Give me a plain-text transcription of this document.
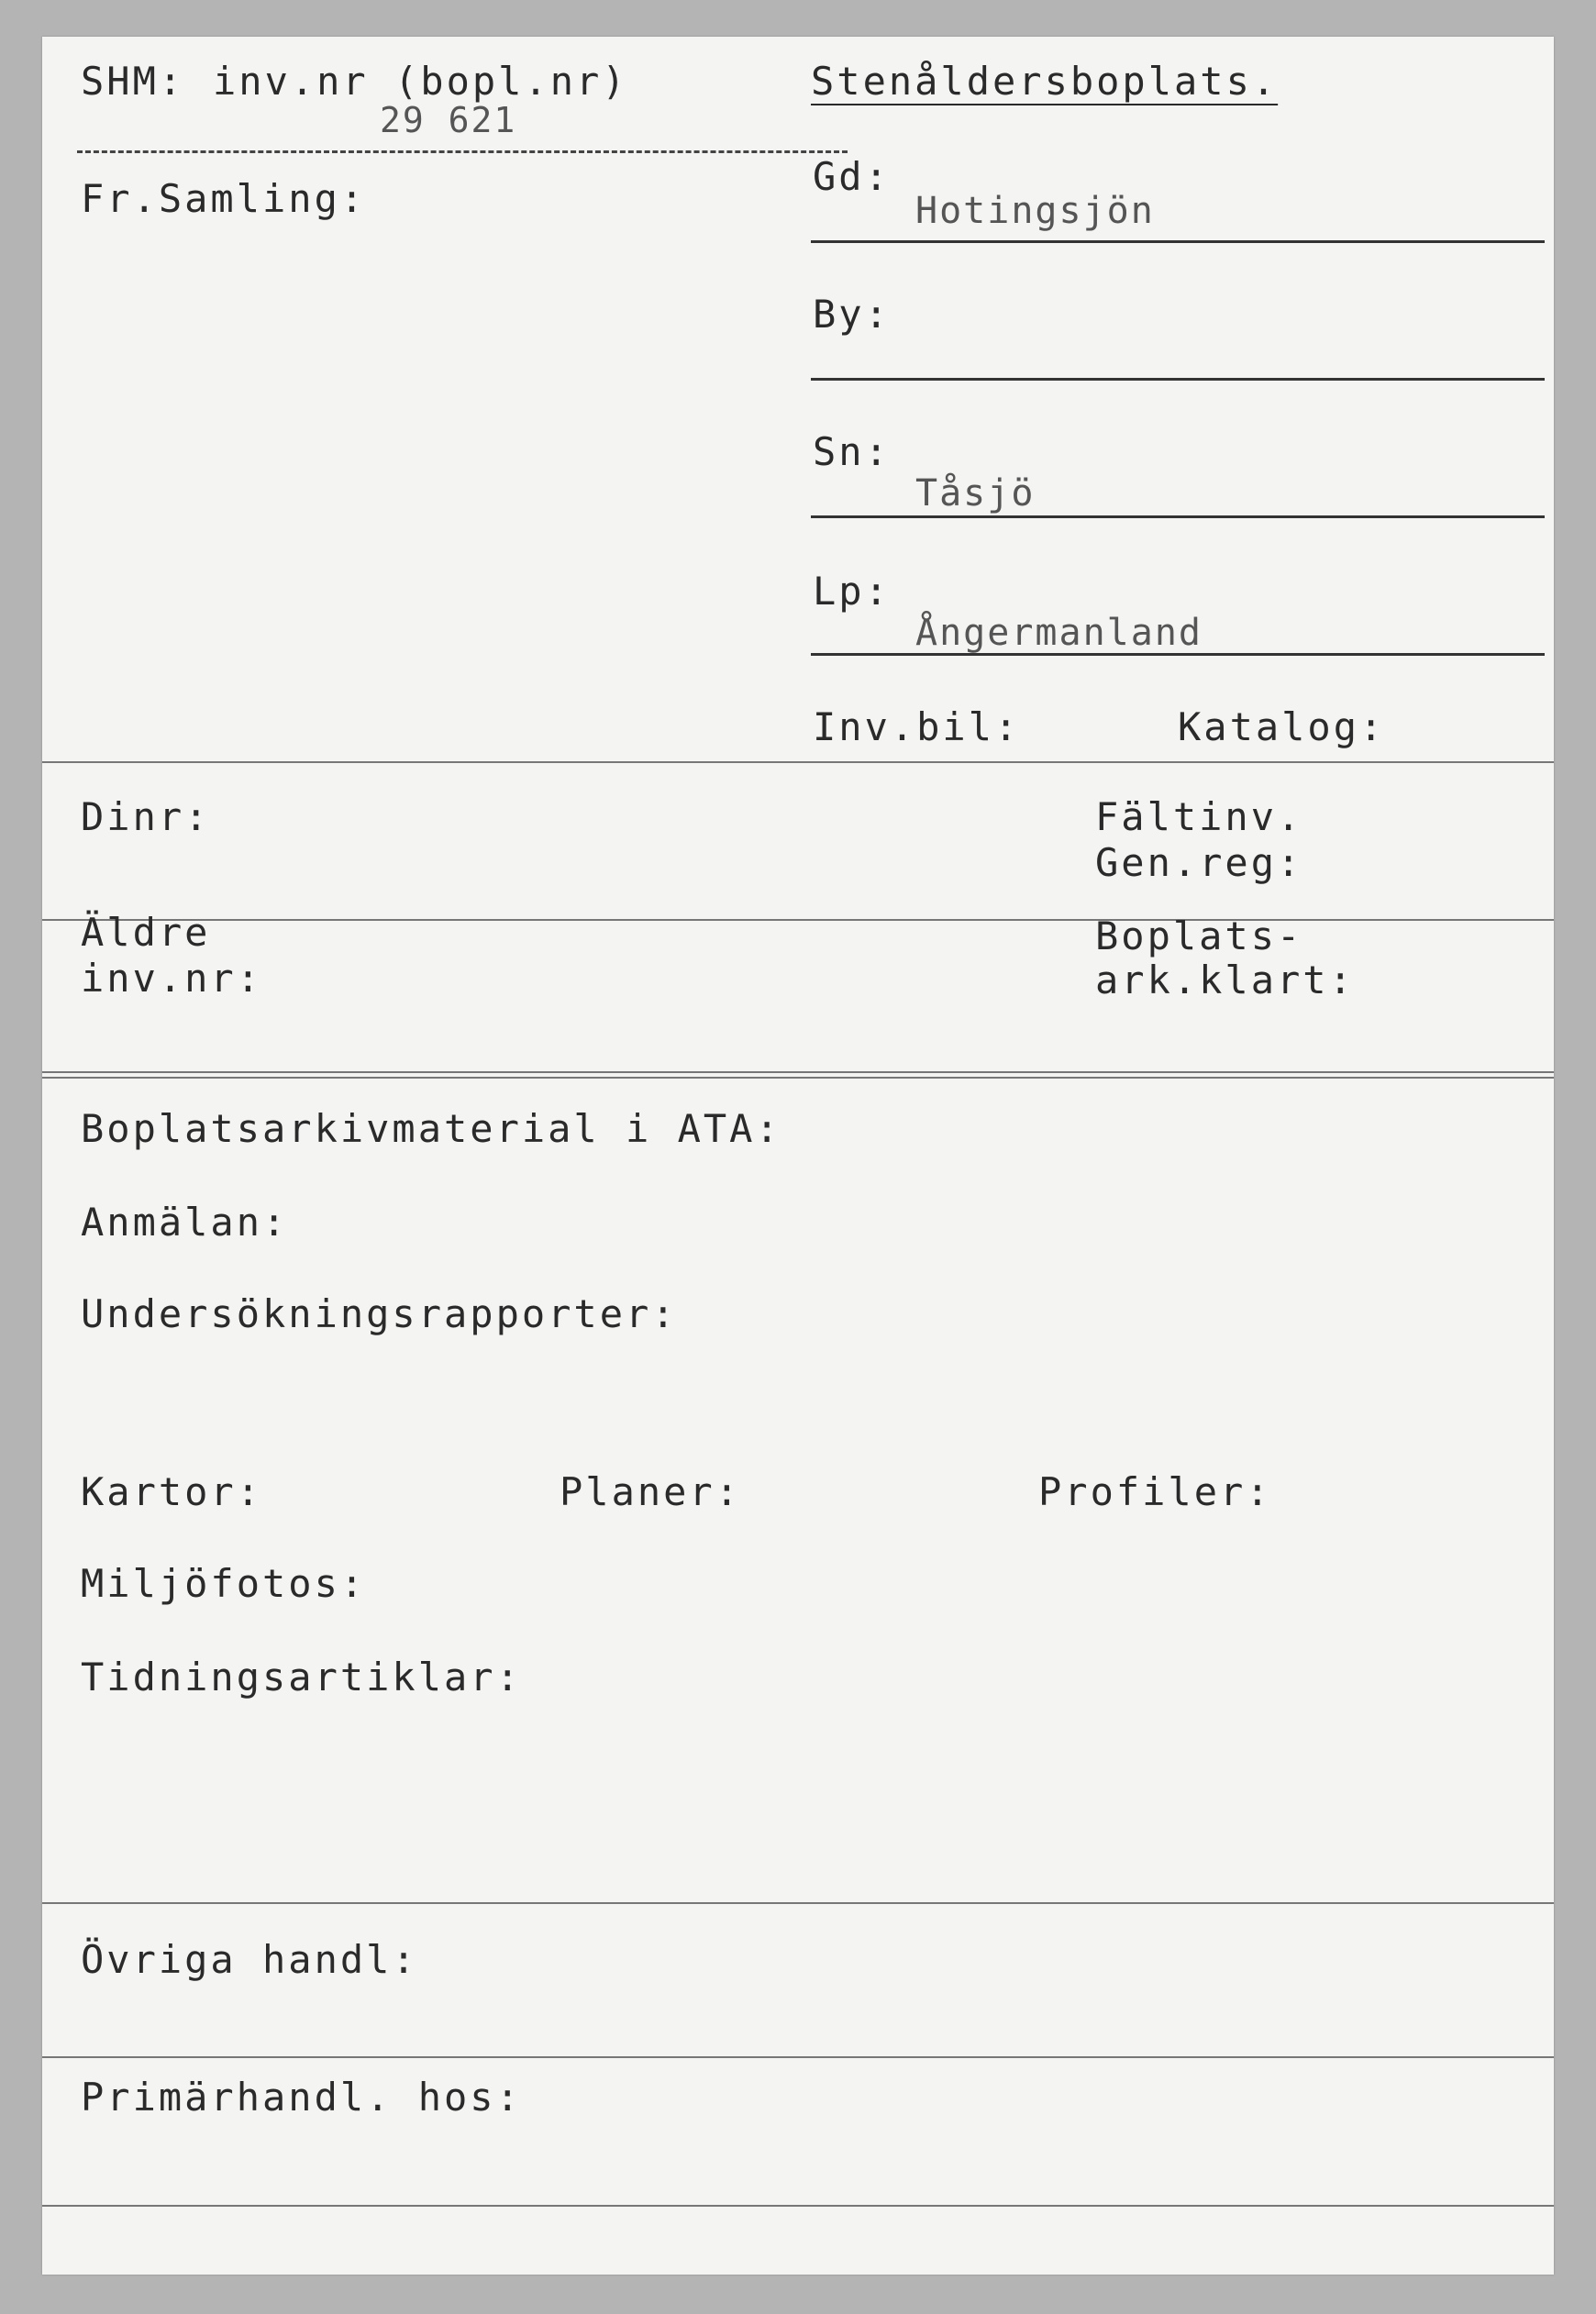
SHM: inv.nr (bopl.nr)
29 621
Stenåldersboplats.
Fr.Samling:	Gd:
Hotingsjön
By:
Sn:
Tåsjö
Lp:
Ångermanland
Inv.bil:	Katalog:
Dinr:	Fältinv.
Gen.reg:
Äldre
inv.nr:
Boplats-
ark.klart:
Boplatsarkivmaterial i ATA:
Anmälan:
Undersökningsrapporter:
Kartor:	Planer:	Profiler:
Miljöfotos:
Tidningsartiklar:
Övriga handl:
Primärhandl. hos:
